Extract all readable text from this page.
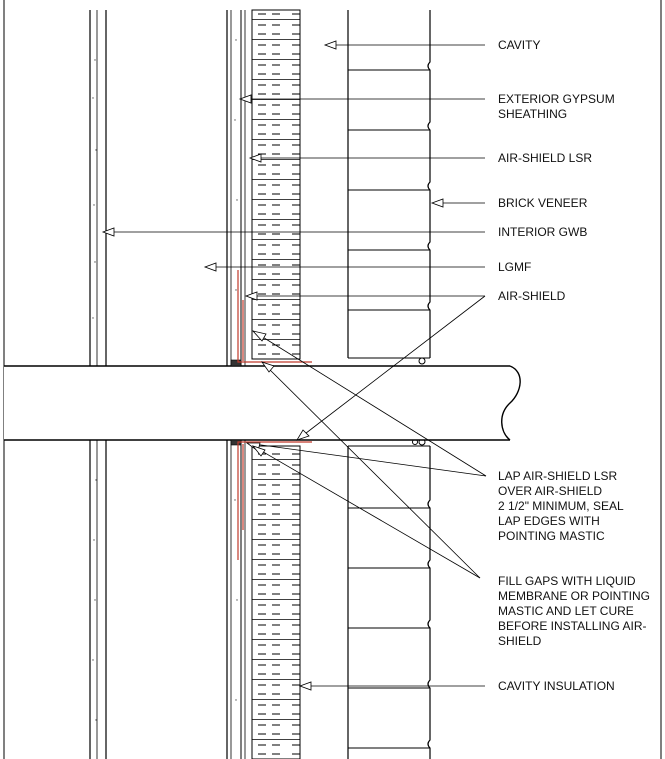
CAVITY
EXTERIOR GYPSUM
SHEATHING
AIR-SHIELD LSR
BRICK VENEER
INTERIOR GWB
LGMF
AIR-SHIELD
LAP AIR-SHIELD LSR
OVER AIR-SHIELD
2 1/2" MINIMUM, SEAL
LAP EDGES WITH
POINTING MASTIC
FILL GAPS WITH LIQUID
MEMBRANE OR POINTING
MASTIC AND LET CURE
BEFORE INSTALLING AIR-
SHIELD
CAVITY INSULATION
